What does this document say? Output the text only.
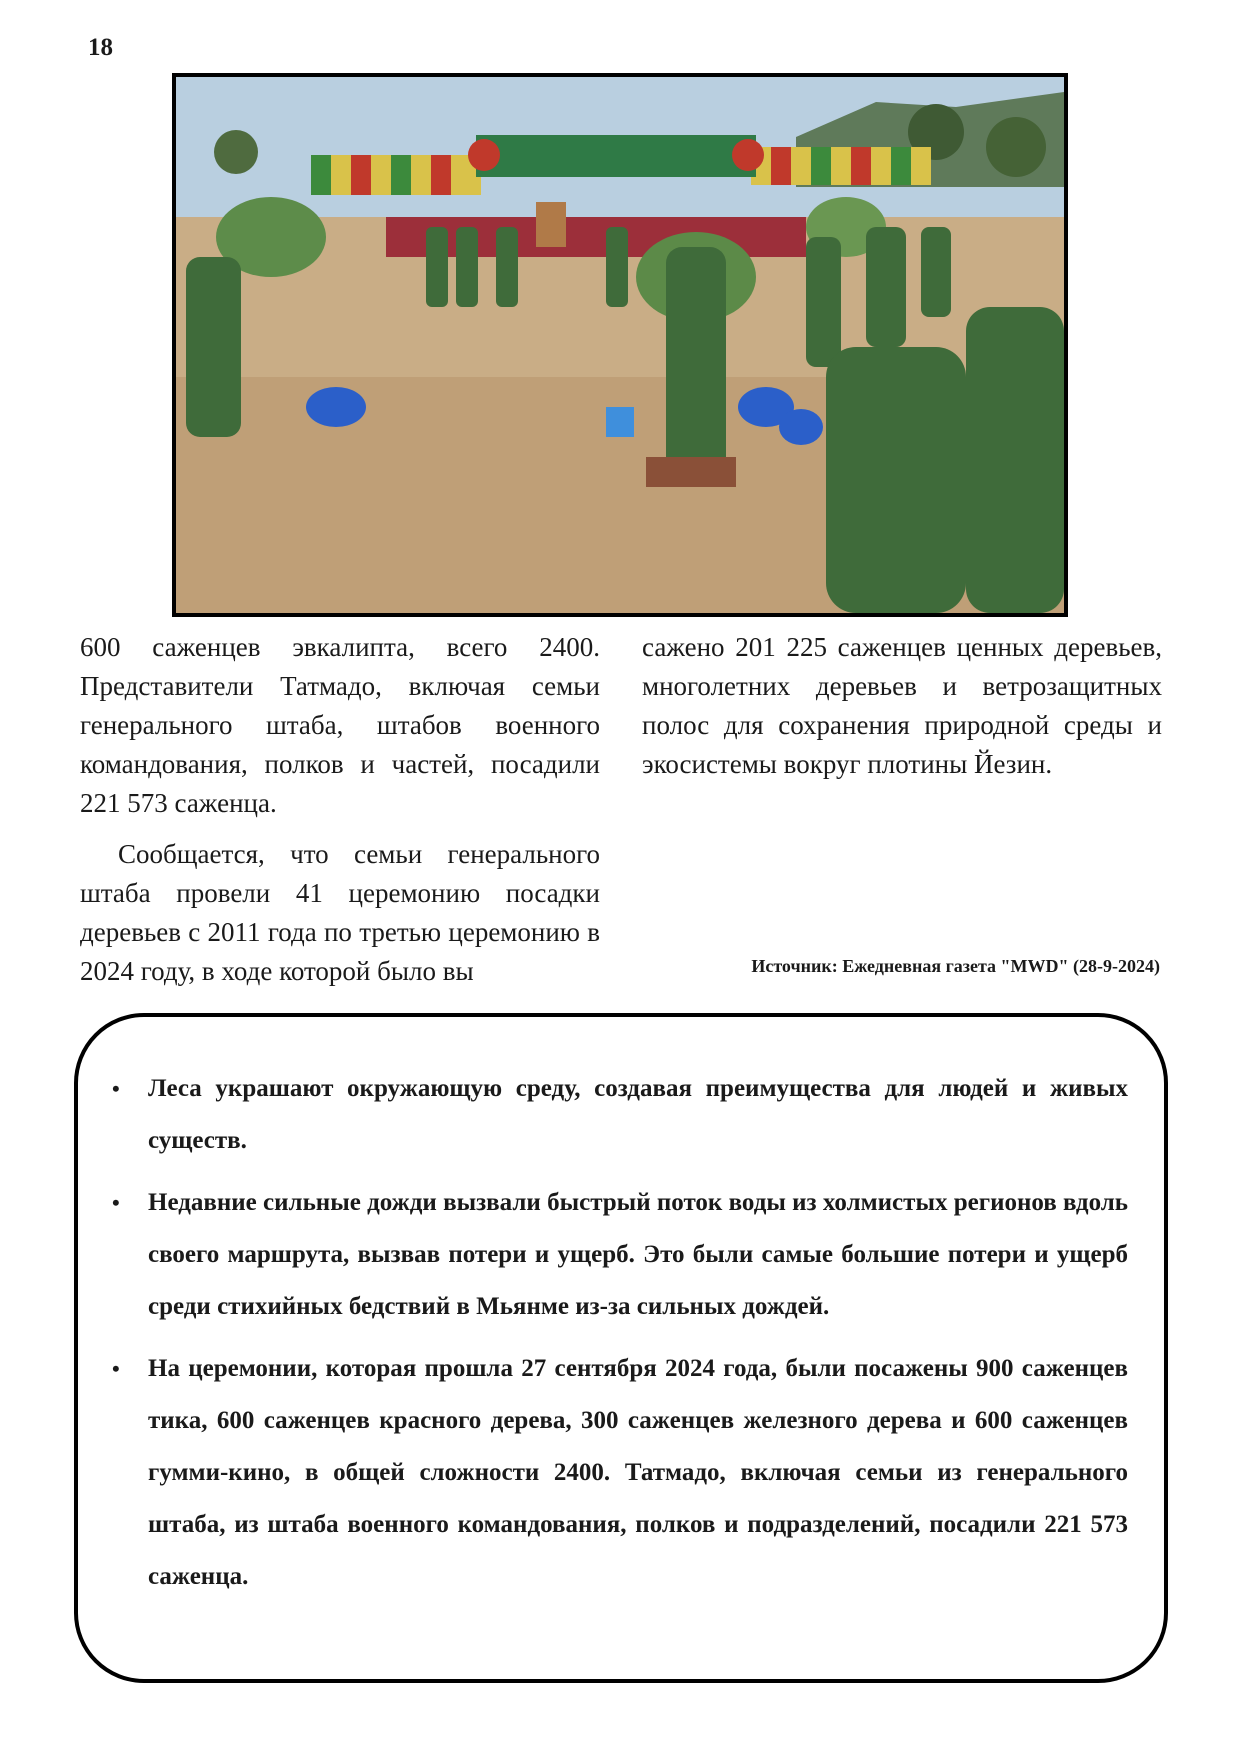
18

600 саженцев эвкалипта, всего 2400. Представители Татмадо, включая семьи генерального штаба, штабов военного командования, полков и частей, посадили 221 573 саженца.

Сообщается, что семьи генерального штаба провели 41 церемонию посадки деревьев с 2011 года по третью церемонию в 2024 году, в ходе которой было вы

сажено 201 225 саженцев ценных деревьев, многолетних деревьев и ветрозащитных полос для сохранения природной среды и экосистемы вокруг плотины Йезин.

Источник: Ежедневная газета "MWD" (28-9-2024)
• Леса украшают окружающую среду, создавая преимущества для людей и живых существ.
• Недавние сильные дожди вызвали быстрый поток воды из холмистых регионов вдоль своего маршрута, вызвав потери и ущерб. Это были самые большие потери и ущерб среди стихийных бедствий в Мьянме из-за сильных дождей.
• На церемонии, которая прошла 27 сентября 2024 года, были посажены 900 саженцев тика, 600 саженцев красного дерева, 300 саженцев железного дерева и 600 саженцев гумми-кино, в общей сложности 2400. Татмадо, включая семьи из генерального штаба, из штаба военного командования, полков и подразделений, посадили 221 573 саженца.
